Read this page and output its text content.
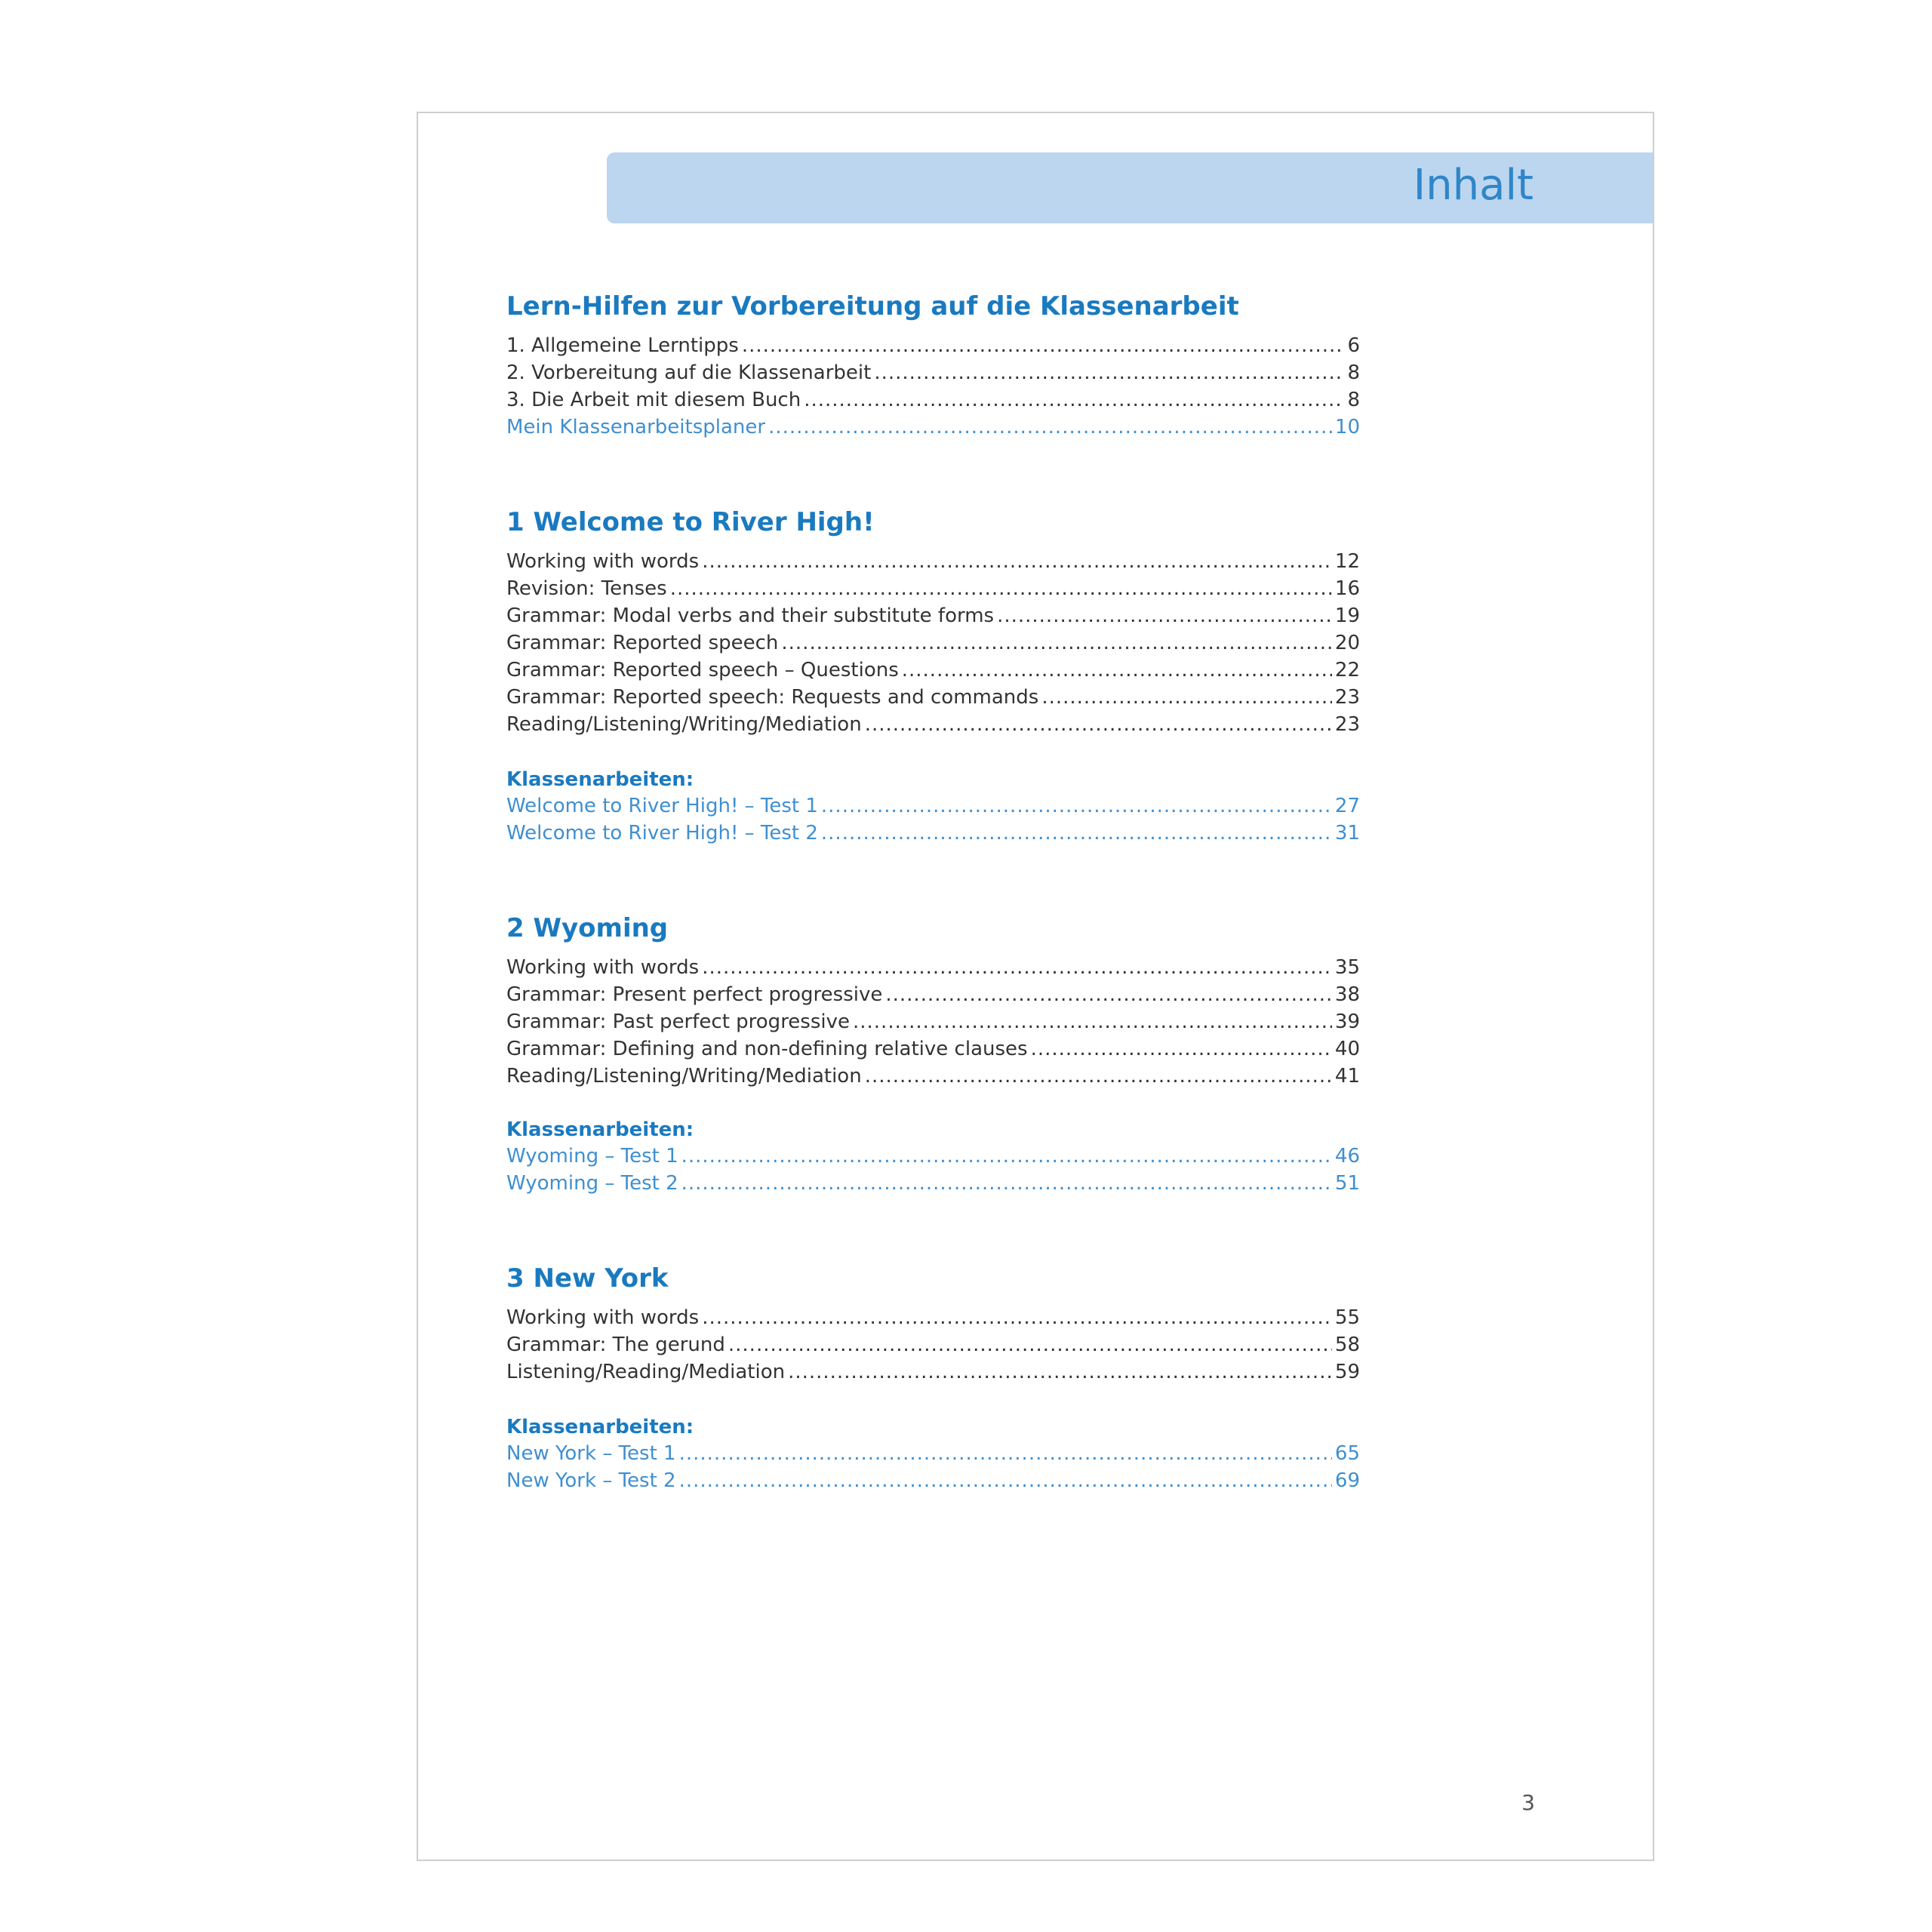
Inhalt
Lern-Hilfen zur Vorbereitung auf die Klassenarbeit
1. Allgemeine Lerntipps .....	6
2. Vorbereitung auf die Klassenarbeit .....	8
3. Die Arbeit mit diesem Buch .....	8
Mein Klassenarbeitsplaner .....	10
1 Welcome to River High!
Working with words .....	12
Revision: Tenses .....	16
Grammar: Modal verbs and their substitute forms .....	19
Grammar: Reported speech .....	20
Grammar: Reported speech – Questions .....	22
Grammar: Reported speech: Requests and commands .....	23
Reading/Listening/Writing/Mediation .....	23
Klassenarbeiten:
Welcome to River High! – Test 1 .....	27
Welcome to River High! – Test 2 .....	31
2 Wyoming
Working with words .....	35
Grammar: Present perfect progressive .....	38
Grammar: Past perfect progressive .....	39
Grammar: Defining and non-defining relative clauses .....	40
Reading/Listening/Writing/Mediation .....	41
Klassenarbeiten:
Wyoming – Test 1 .....	46
Wyoming – Test 2 .....	51
3 New York
Working with words .....	55
Grammar: The gerund .....	58
Listening/Reading/Mediation .....	59
Klassenarbeiten:
New York – Test 1 .....	65
New York – Test 2 .....	69
3
